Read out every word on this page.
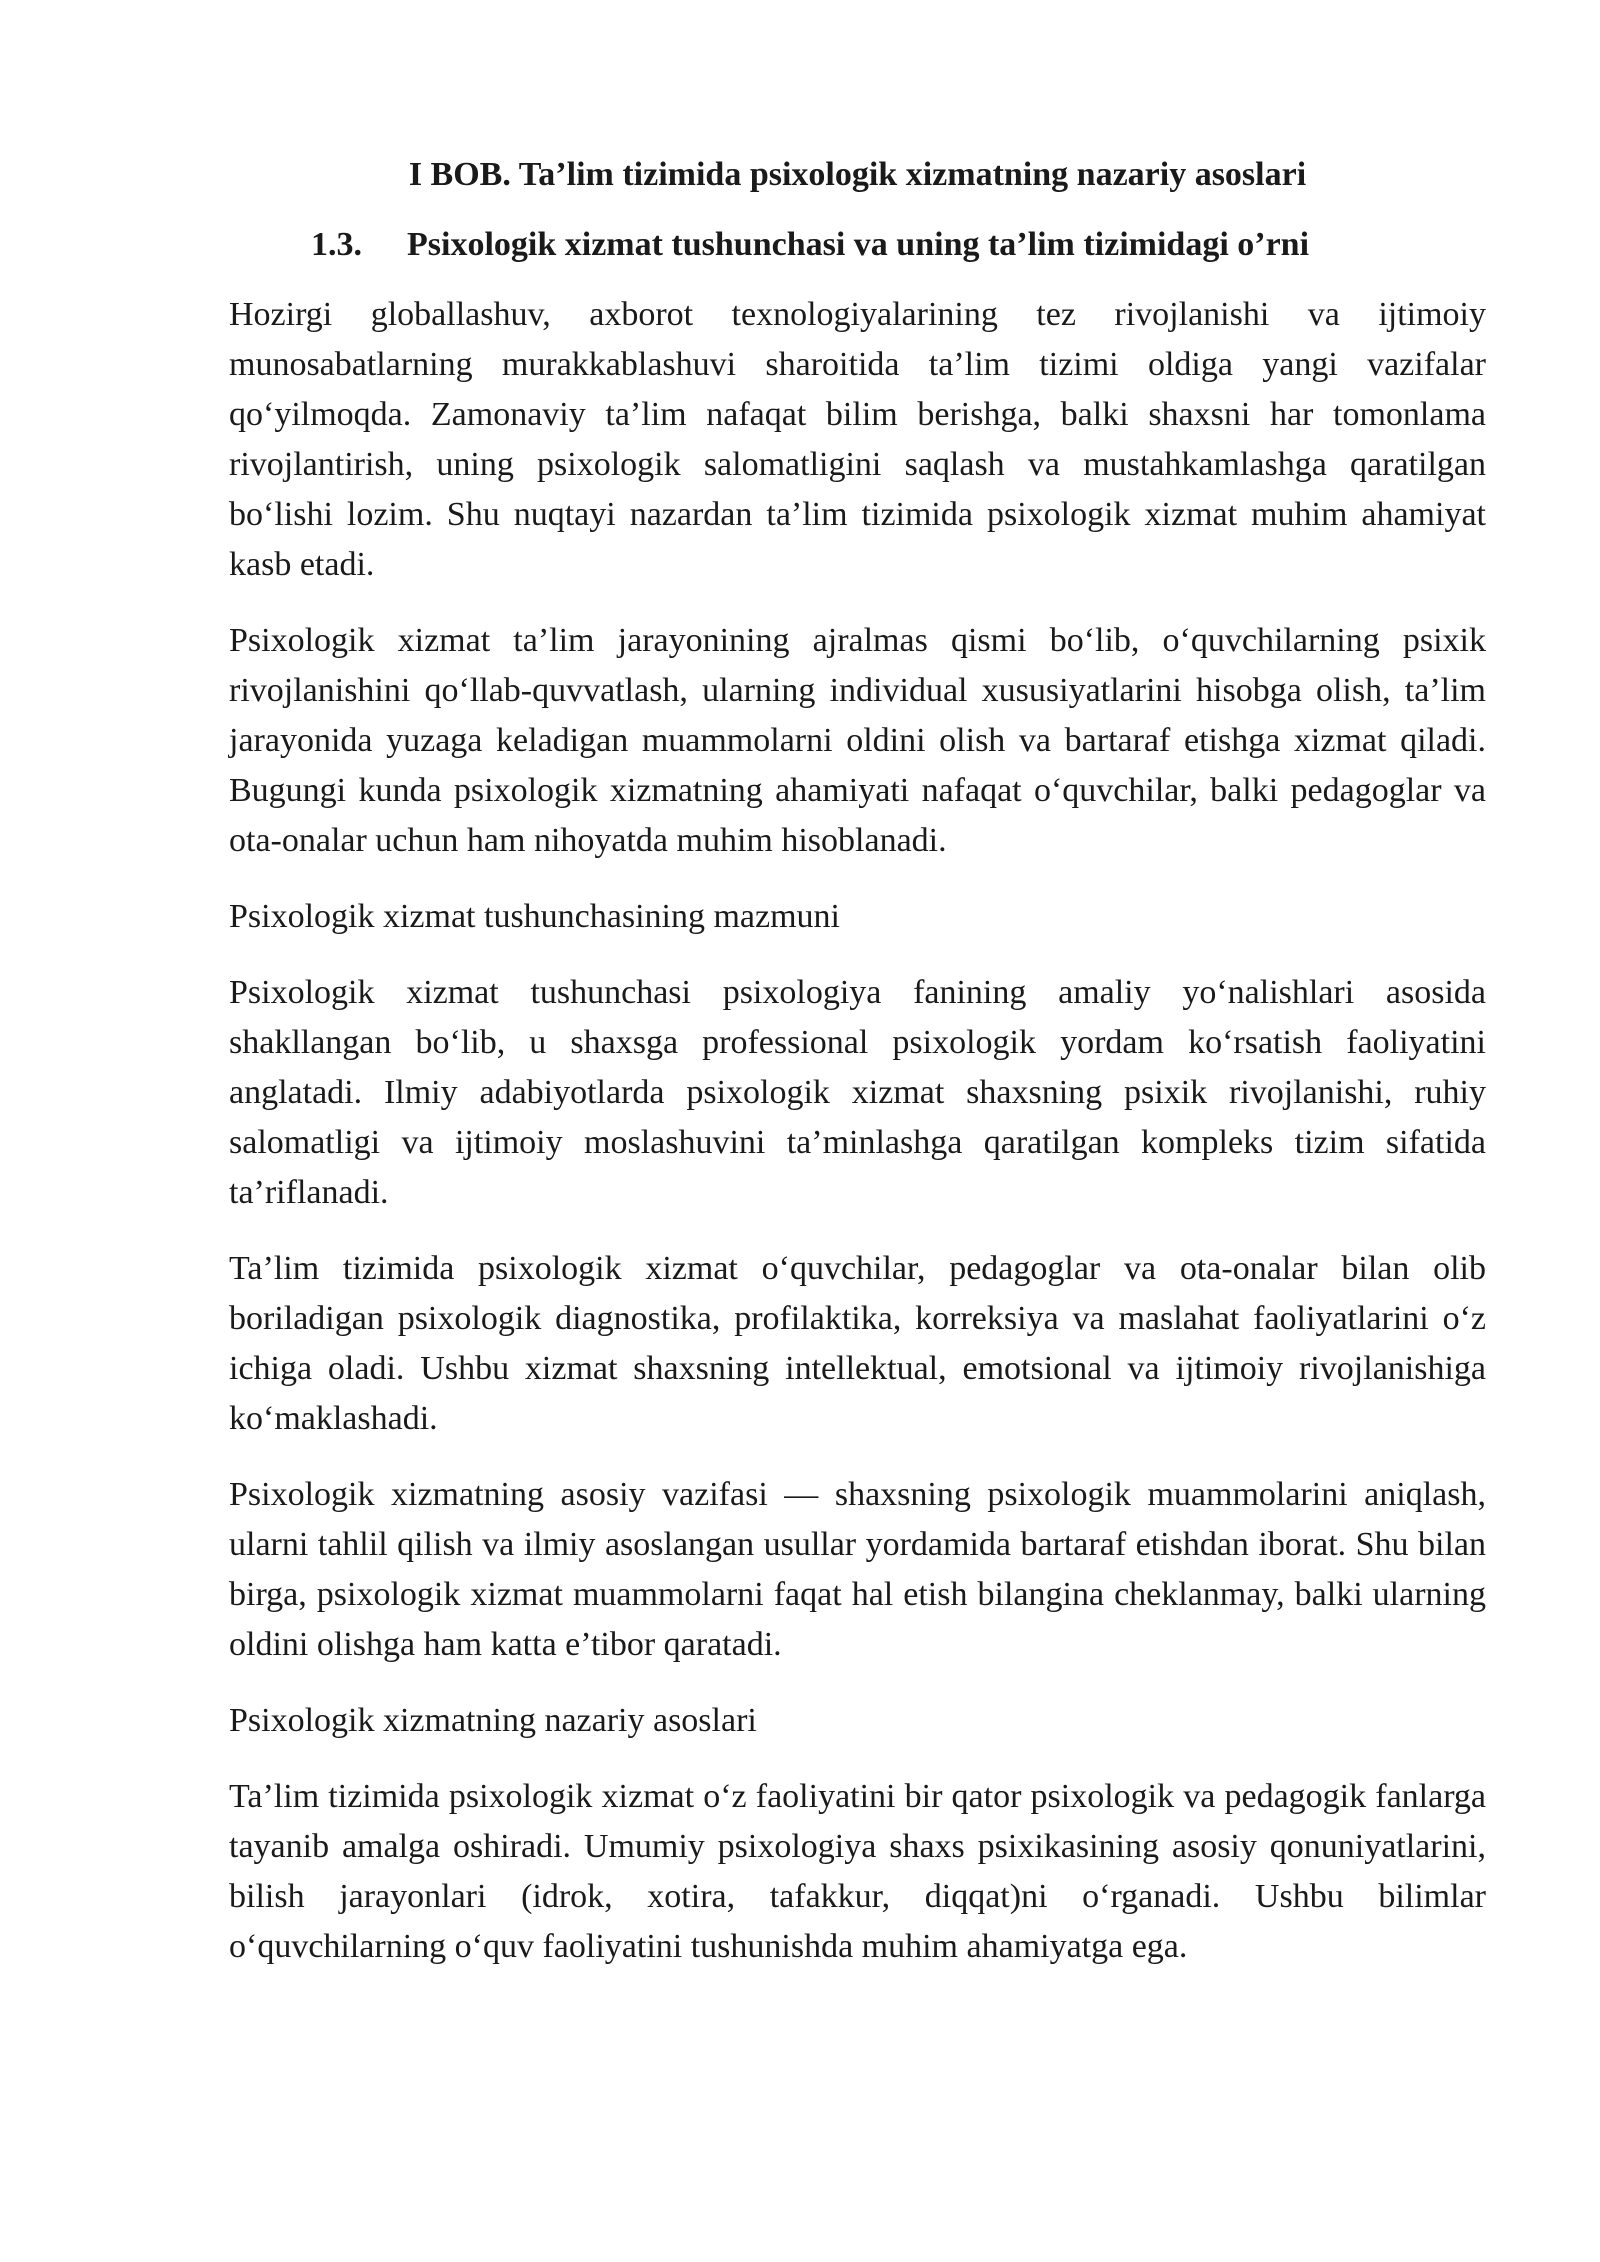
I BOB. Ta’lim tizimida psixologik xizmatning nazariy asoslari
1.3. Psixologik xizmat tushunchasi va uning ta’lim tizimidagi o’rni
Hozirgi globallashuv, axborot texnologiyalarining tez rivojlanishi va ijtimoiy munosabatlarning murakkablashuvi sharoitida ta’lim tizimi oldiga yangi vazifalar qo‘yilmoqda. Zamonaviy ta’lim nafaqat bilim berishga, balki shaxsni har tomonlama rivojlantirish, uning psixologik salomatligini saqlash va mustahkamlashga qaratilgan bo‘lishi lozim. Shu nuqtayi nazardan ta’lim tizimida psixologik xizmat muhim ahamiyat kasb etadi.
Psixologik xizmat ta’lim jarayonining ajralmas qismi bo‘lib, o‘quvchilarning psixik rivojlanishini qo‘llab-quvvatlash, ularning individual xususiyatlarini hisobga olish, ta’lim jarayonida yuzaga keladigan muammolarni oldini olish va bartaraf etishga xizmat qiladi. Bugungi kunda psixologik xizmatning ahamiyati nafaqat o‘quvchilar, balki pedagoglar va ota-onalar uchun ham nihoyatda muhim hisoblanadi.
Psixologik xizmat tushunchasining mazmuni
Psixologik xizmat tushunchasi psixologiya fanining amaliy yo‘nalishlari asosida shakllangan bo‘lib, u shaxsga professional psixologik yordam ko‘rsatish faoliyatini anglatadi. Ilmiy adabiyotlarda psixologik xizmat shaxsning psixik rivojlanishi, ruhiy salomatligi va ijtimoiy moslashuvini ta’minlashga qaratilgan kompleks tizim sifatida ta’riflanadi.
Ta’lim tizimida psixologik xizmat o‘quvchilar, pedagoglar va ota-onalar bilan olib boriladigan psixologik diagnostika, profilaktika, korreksiya va maslahat faoliyatlarini o‘z ichiga oladi. Ushbu xizmat shaxsning intellektual, emotsional va ijtimoiy rivojlanishiga ko‘maklashadi.
Psixologik xizmatning asosiy vazifasi — shaxsning psixologik muammolarini aniqlash, ularni tahlil qilish va ilmiy asoslangan usullar yordamida bartaraf etishdan iborat. Shu bilan birga, psixologik xizmat muammolarni faqat hal etish bilangina cheklanmay, balki ularning oldini olishga ham katta e’tibor qaratadi.
Psixologik xizmatning nazariy asoslari
Ta’lim tizimida psixologik xizmat o‘z faoliyatini bir qator psixologik va pedagogik fanlarga tayanib amalga oshiradi. Umumiy psixologiya shaxs psixikasining asosiy qonuniyatlarini, bilish jarayonlari (idrok, xotira, tafakkur, diqqat)ni o‘rganadi. Ushbu bilimlar o‘quvchilarning o‘quv faoliyatini tushunishda muhim ahamiyatga ega.
